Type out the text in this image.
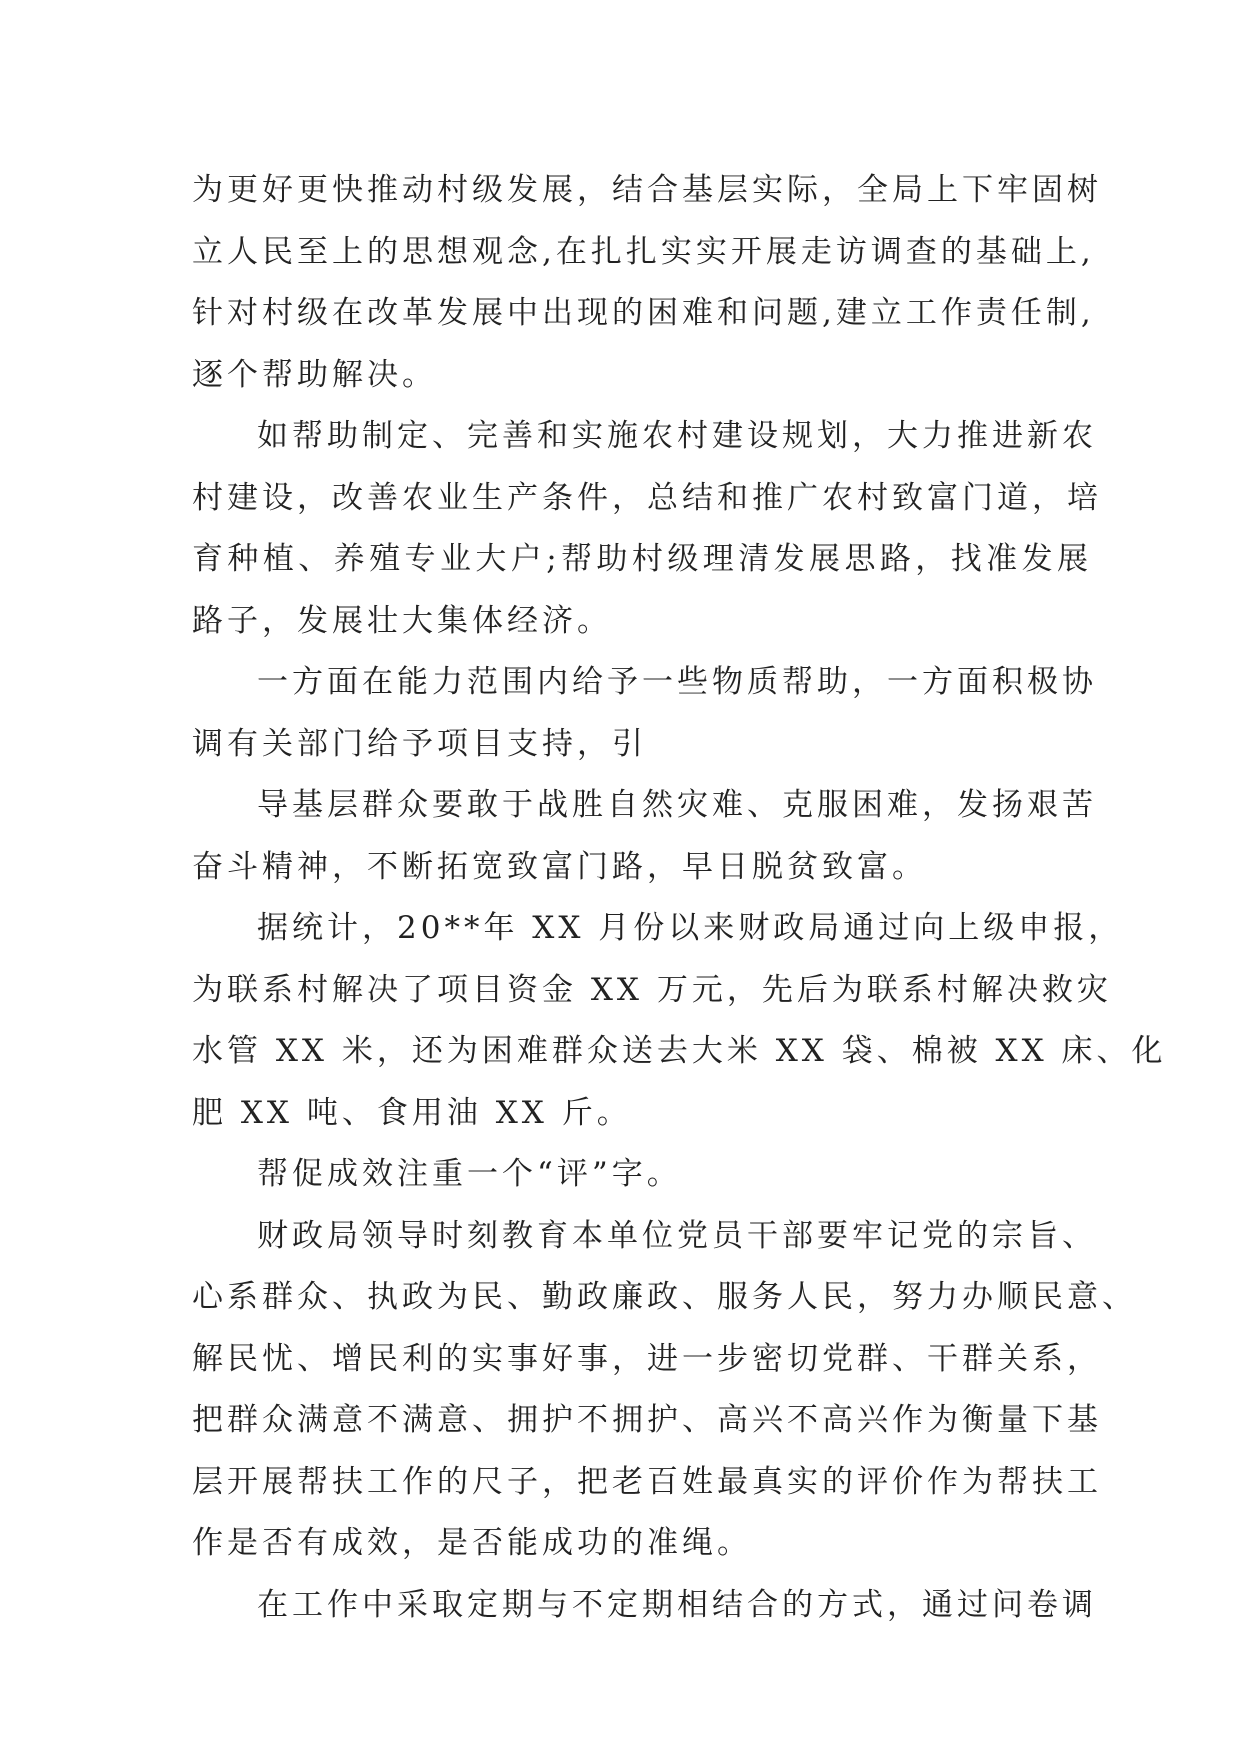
为更好更快推动村级发展，结合基层实际，全局上下牢固树
立人民至上的思想观念,在扎扎实实开展走访调查的基础上,
针对村级在改革发展中出现的困难和问题,建立工作责任制,
逐个帮助解决。
如帮助制定、完善和实施农村建设规划，大力推进新农
村建设，改善农业生产条件，总结和推广农村致富门道，培
育种植、养殖专业大户;帮助村级理清发展思路，找准发展
路子，发展壮大集体经济。
一方面在能力范围内给予一些物质帮助，一方面积极协
调有关部门给予项目支持，引
导基层群众要敢于战胜自然灾难、克服困难，发扬艰苦
奋斗精神，不断拓宽致富门路，早日脱贫致富。
据统计，20**年 XX 月份以来财政局通过向上级申报，
为联系村解决了项目资金 XX 万元，先后为联系村解决救灾
水管 XX 米，还为困难群众送去大米 XX 袋、棉被 XX 床、化
肥 XX 吨、食用油 XX 斤。
帮促成效注重一个“评”字。
财政局领导时刻教育本单位党员干部要牢记党的宗旨、
心系群众、执政为民、勤政廉政、服务人民，努力办顺民意、
解民忧、增民利的实事好事，进一步密切党群、干群关系，
把群众满意不满意、拥护不拥护、高兴不高兴作为衡量下基
层开展帮扶工作的尺子，把老百姓最真实的评价作为帮扶工
作是否有成效，是否能成功的准绳。
在工作中采取定期与不定期相结合的方式，通过问卷调
